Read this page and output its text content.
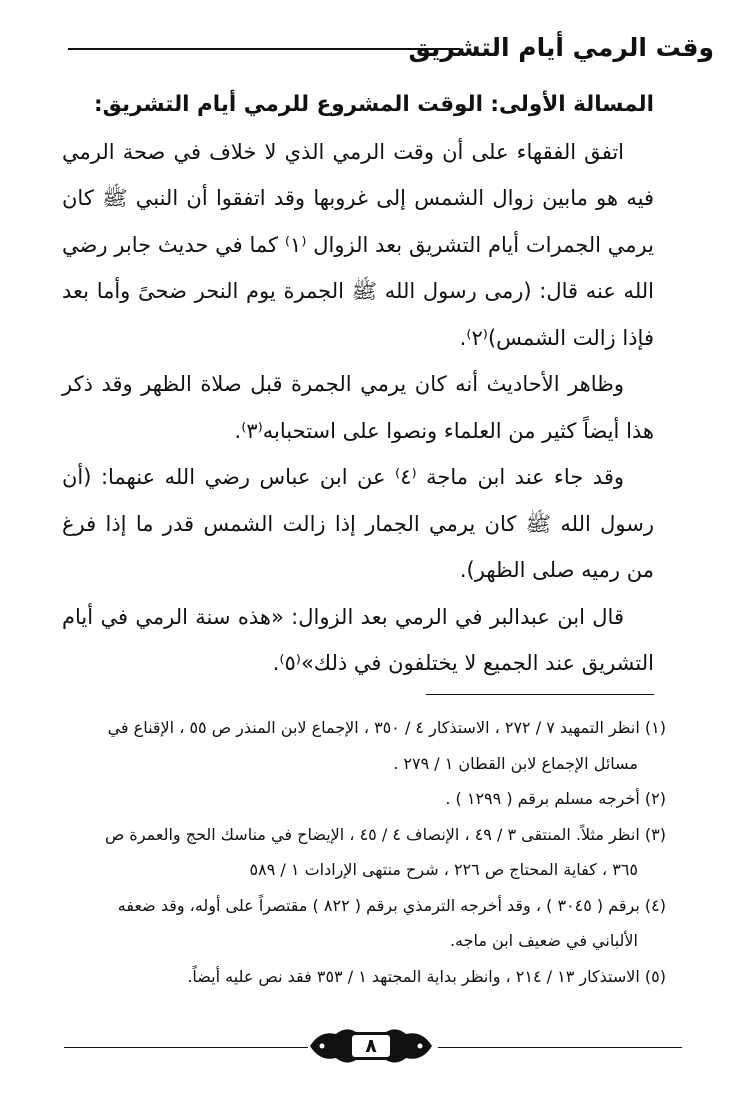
وقت الرمي أيام التشريق

المسالة الأولى: الوقت المشروع للرمي أيام التشريق:

اتفق الفقهاء على أن وقت الرمي الذي لا خلاف في صحة الرمي فيه هو مابين زوال الشمس إلى غروبها وقد اتفقوا أن النبي ﷺ كان يرمي الجمرات أيام التشريق بعد الزوال ⁽١⁾ كما في حديث جابر رضي الله عنه قال: (رمى رسول الله ﷺ الجمرة يوم النحر ضحىً وأما بعد فإذا زالت الشمس)⁽٢⁾.

وظاهر الأحاديث أنه كان يرمي الجمرة قبل صلاة الظهر وقد ذكر هذا أيضاً كثير من العلماء ونصوا على استحبابه⁽٣⁾.

وقد جاء عند ابن ماجة ⁽٤⁾ عن ابن عباس رضي الله عنهما: (أن رسول الله ﷺ كان يرمي الجمار إذا زالت الشمس قدر ما إذا فرغ من رميه صلى الظهر).

قال ابن عبدالبر في الرمي بعد الزوال: «هذه سنة الرمي في أيام التشريق عند الجميع لا يختلفون في ذلك»⁽٥⁾.

(١) انظر التمهيد ٧ / ٢٧٢ ، الاستذكار ٤ / ٣٥٠ ، الإجماع لابن المنذر ص ٥٥ ، الإقناع في
مسائل الإجماع لابن القطان ١ / ٢٧٩ .

(٢) أخرجه مسلم برقم ( ١٢٩٩ ) .

(٣) انظر مثلاً. المنتقى ٣ / ٤٩ ، الإنصاف ٤ / ٤٥ ، الإيضاح في مناسك الحج والعمرة ص
٣٦٥ ، كفاية المحتاج ص ٢٢٦ ، شرح منتهى الإرادات ١ / ٥٨٩

(٤) برقم ( ٣٠٤٥ ) ، وقد أخرجه الترمذي برقم ( ٨٢٢ ) مقتصراً على أوله، وقد ضعفه
الألباني في ضعيف ابن ماجه.

(٥) الاستذكار ١٣ / ٢١٤ ، وانظر بداية المجتهد ١ / ٣٥٣ فقد نص عليه أيضاً.

٨
